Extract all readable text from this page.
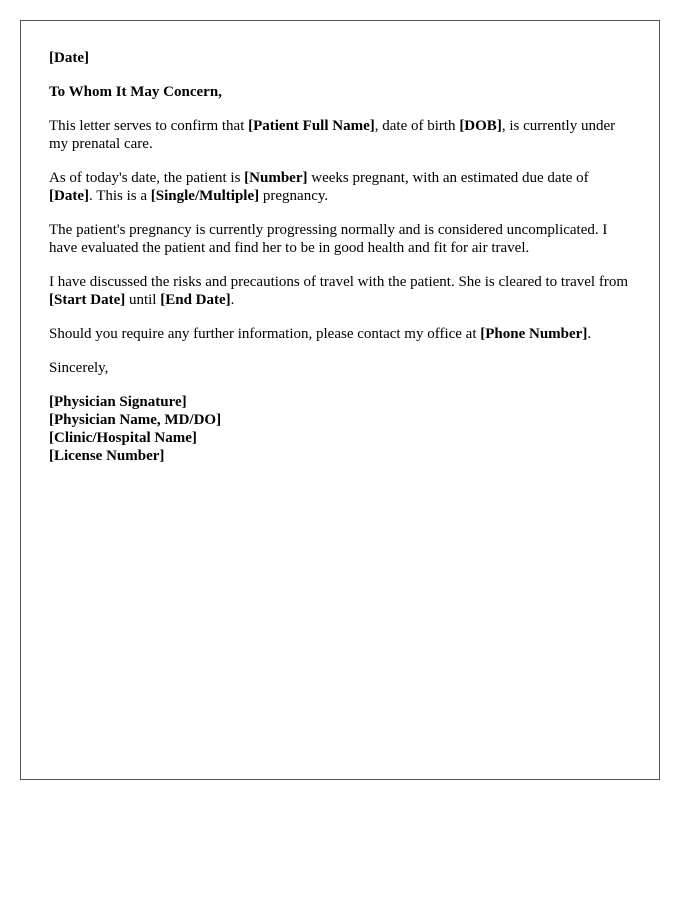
[Date]

To Whom It May Concern,

This letter serves to confirm that [Patient Full Name], date of birth [DOB], is currently under my prenatal care.

As of today's date, the patient is [Number] weeks pregnant, with an estimated due date of [Date]. This is a [Single/Multiple] pregnancy.

The patient's pregnancy is currently progressing normally and is considered uncomplicated. I have evaluated the patient and find her to be in good health and fit for air travel.

I have discussed the risks and precautions of travel with the patient. She is cleared to travel from [Start Date] until [End Date].

Should you require any further information, please contact my office at [Phone Number].

Sincerely,

[Physician Signature]
[Physician Name, MD/DO]
[Clinic/Hospital Name]
[License Number]
